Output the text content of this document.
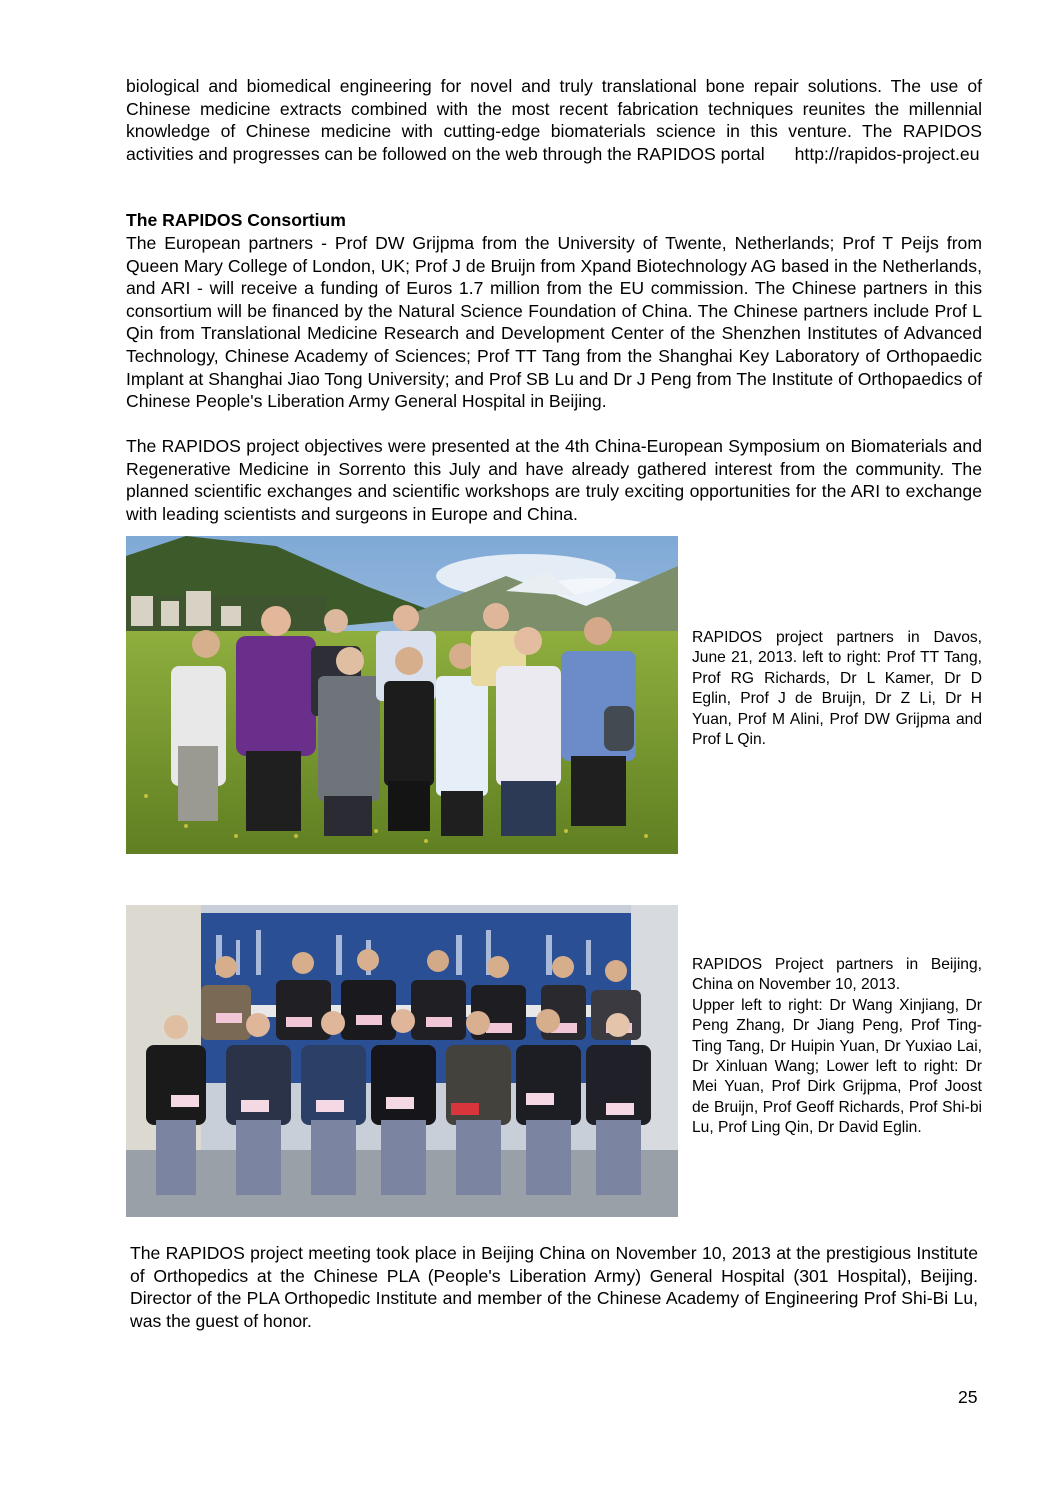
biological and biomedical engineering for novel and truly translational bone repair solutions. The use of Chinese medicine extracts combined with the most recent fabrication techniques reunites the millennial knowledge of Chinese medicine with cutting-edge biomaterials science in this venture. The RAPIDOS activities and progresses can be followed on the web through the RAPIDOS portal http://rapidos-project.eu

The RAPIDOS Consortium

The European partners - Prof DW Grijpma from the University of Twente, Netherlands; Prof T Peijs from Queen Mary College of London, UK; Prof J de Bruijn from Xpand Biotechnology AG based in the Netherlands, and ARI - will receive a funding of Euros 1.7 million from the EU commission. The Chinese partners in this consortium will be financed by the Natural Science Foundation of China. The Chinese partners include Prof L Qin from Translational Medicine Research and Development Center of the Shenzhen Institutes of Advanced Technology, Chinese Academy of Sciences; Prof TT Tang from the Shanghai Key Laboratory of Orthopaedic Implant at Shanghai Jiao Tong University; and Prof SB Lu and Dr J Peng from The Institute of Orthopaedics of Chinese People's Liberation Army General Hospital in Beijing.

The RAPIDOS project objectives were presented at the 4th China-European Symposium on Biomaterials and Regenerative Medicine in Sorrento this July and have already gathered interest from the community. The planned scientific exchanges and scientific workshops are truly exciting opportunities for the ARI to exchange with leading scientists and surgeons in Europe and China.

RAPIDOS project partners in Davos, June 21, 2013. left to right: Prof TT Tang, Prof RG Richards, Dr L Kamer, Dr D Eglin, Prof J de Bruijn, Dr Z Li, Dr H Yuan, Prof M Alini, Prof DW Grijpma and Prof L Qin.

RAPIDOS Project partners in Beijing, China on November 10, 2013.

Upper left to right: Dr Wang Xinjiang, Dr Peng Zhang, Dr Jiang Peng, Prof Ting-Ting Tang, Dr Huipin Yuan, Dr Yuxiao Lai, Dr Xinluan Wang; Lower left to right: Dr Mei Yuan, Prof Dirk Grijpma, Prof Joost de Bruijn, Prof Geoff Richards, Prof Shi-bi Lu, Prof Ling Qin, Dr David Eglin.

The RAPIDOS project meeting took place in Beijing China on November 10, 2013 at the prestigious Institute of Orthopedics at the Chinese PLA (People's Liberation Army) General Hospital (301 Hospital), Beijing. Director of the PLA Orthopedic Institute and member of the Chinese Academy of Engineering Prof Shi-Bi Lu, was the guest of honor.

25
